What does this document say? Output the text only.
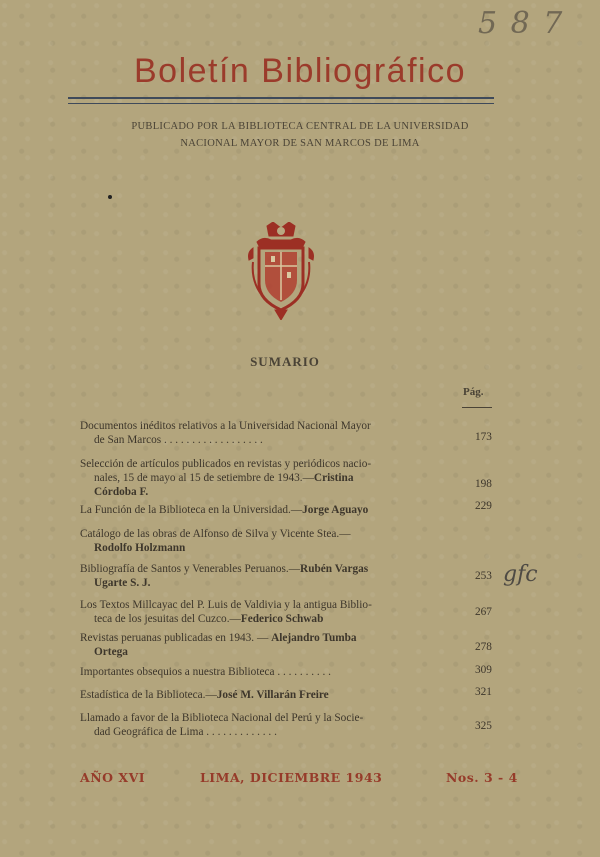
5 8 7
Boletín Bibliográfico
PUBLICADO POR LA BIBLIOTECA CENTRAL DE LA UNIVERSIDAD
NACIONAL MAYOR DE SAN MARCOS DE LIMA
SUMARIO
Pág.
Documentos inéditos relativos a la Universidad Nacional Mayor
de San Marcos . . . . . . . . . . . . . . . . . .	173
Selección de artículos publicados en revistas y periódicos nacio-
nales, 15 de mayo al 15 de setiembre de 1943.—Cristina
Córdoba F.
198
La Función de la Biblioteca en la Universidad.—Jorge Aguayo	229
Catálogo de las obras de Alfonso de Silva y Vicente Stea.—
Rodolfo Holzmann
Bibliografía de Santos y Venerables Peruanos.—Rubén Vargas
Ugarte S. J.
253 gfc
Los Textos Millcayac del P. Luis de Valdivia y la antigua Biblio-
teca de los jesuitas del Cuzco.—Federico Schwab
267
Revistas peruanas publicadas en 1943. — Alejandro Tumba
Ortega	278
Importantes obsequios a nuestra Biblioteca . . . . . . . . . .	309
Estadística de la Biblioteca.—José M. Villarán Freire	321
Llamado a favor de la Biblioteca Nacional del Perú y la Socie-
dad Geográfica de Lima . . . . . . . . . . . . .	325
AÑO XVI	LIMA, DICIEMBRE 1943	Nos. 3 - 4
